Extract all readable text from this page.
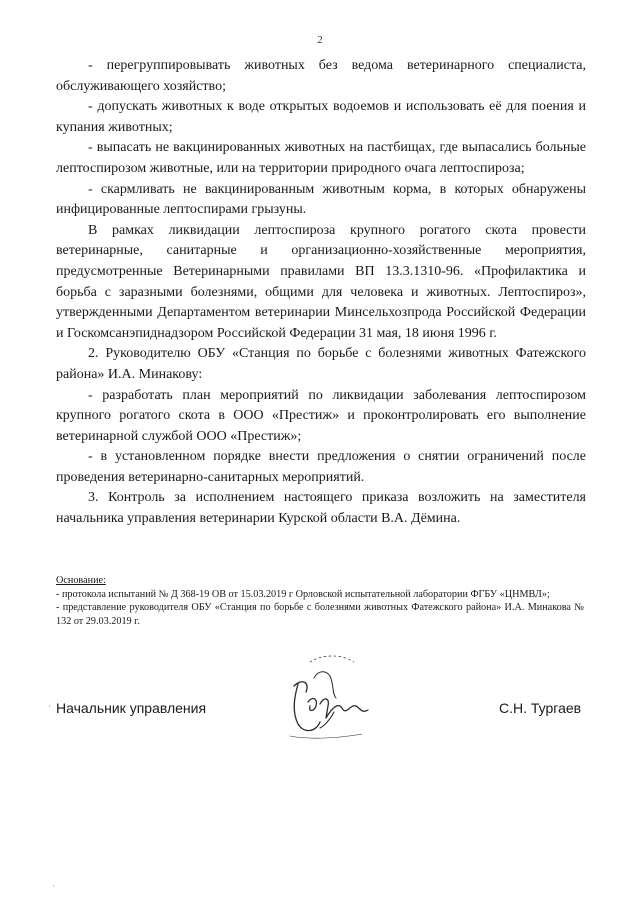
2

- перегруппировывать животных без ведома ветеринарного специалиста, обслуживающего хозяйство;

- допускать животных к воде открытых водоемов и использовать её для поения и купания животных;

- выпасать не вакцинированных животных на пастбищах, где выпасались больные лептоспирозом животные, или на территории природного очага лептоспироза;

- скармливать не вакцинированным животным корма, в которых обнаружены инфицированные лептоспирами грызуны.

В рамках ликвидации лептоспироза крупного рогатого скота провести ветеринарные, санитарные и организационно-хозяйственные мероприятия, предусмотренные Ветеринарными правилами ВП 13.3.1310-96. «Профилактика и борьба с заразными болезнями, общими для человека и животных. Лептоспироз», утвержденными Департаментом ветеринарии Минсельхозпрода Российской Федерации и Госкомсанэпиднадзором Российской Федерации 31 мая, 18 июня 1996 г.

2. Руководителю ОБУ «Станция по борьбе с болезнями животных Фатежского района» И.А. Минакову:

- разработать план мероприятий по ликвидации заболевания лептоспирозом крупного рогатого скота в ООО «Престиж» и проконтролировать его выполнение ветеринарной службой ООО «Престиж»;

- в установленном порядке внести предложения о снятии ограничений после проведения ветеринарно-санитарных мероприятий.

3. Контроль за исполнением настоящего приказа возложить на заместителя начальника управления ветеринарии Курской области В.А. Дёмина.

Основание:

- протокола испытаний № Д 368-19 ОВ от 15.03.2019 г Орловской испытательной лаборатории ФГБУ «ЦНМВЛ»;

- представление руководителя ОБУ «Станция по борьбе с болезнями животных Фатежского района» И.А. Минакова № 132 от 29.03.2019 г.

Начальник управления	С.Н. Тургаев
·
·
